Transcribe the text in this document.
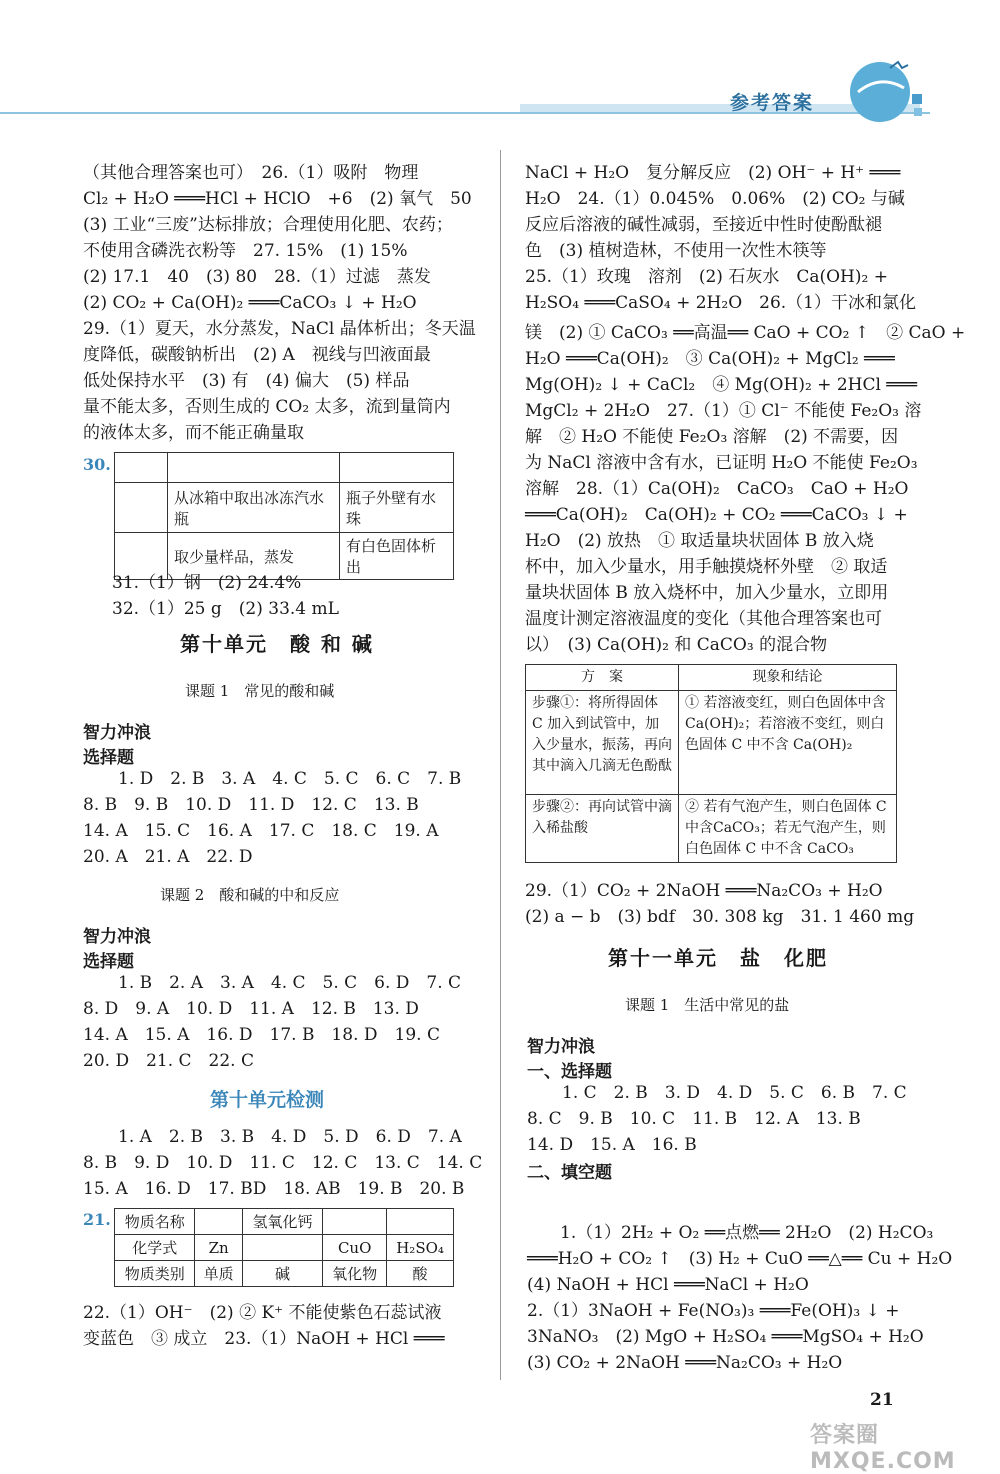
参考答案
（其他合理答案也可）　26.（1）吸附　物理
Cl₂ + H₂O ═══HCl + HClO　+6　(2) 氧气　50
(3) 工业“三废”达标排放；合理使用化肥、农药；
不使用含磷洗衣粉等　27. 15%　(1) 15%
(2) 17.1　40　(3) 80　28.（1）过滤　蒸发
(2) CO₂ + Ca(OH)₂ ═══CaCO₃ ↓ + H₂O
29.（1）夏天，水分蒸发，NaCl 晶体析出；冬天温
度降低，碳酸钠析出　(2) A　视线与凹液面最
低处保持水平　(3) 有　(4) 偏大　(5) 样品
量不能太多，否则生成的 CO₂ 太多，流到量筒内
的液体太多，而不能正确量取
30.

	从冰箱中取出冰冻汽水瓶	瓶子外壁有水珠
	取少量样品，蒸发	有白色固体析出
31.（1）钢　(2) 24.4%
32.（1）25 g　(2) 33.4 mL
第十单元　酸 和 碱
课题 1　常见的酸和碱
智力冲浪
选择题
1. D　2. B　3. A　4. C　5. C　6. C　7. B
8. B　9. B　10. D　11. D　12. C　13. B
14. A　15. C　16. A　17. C　18. C　19. A
20. A　21. A　22. D
课题 2　酸和碱的中和反应
智力冲浪
选择题
1. B　2. A　3. A　4. C　5. C　6. D　7. C
8. D　9. A　10. D　11. A　12. B　13. D
14. A　15. A　16. D　17. B　18. D　19. C
20. D　21. C　22. C
第十单元检测
1. A　2. B　3. B　4. D　5. D　6. D　7. A
8. B　9. D　10. D　11. C　12. C　13. C　14. C
15. A　16. D　17. BD　18. AB　19. B　20. B
21. 物质名称		氢氧化钙		
化学式	Zn		CuO	H₂SO₄
物质类别	单质	碱	氧化物	酸
22.（1）OH⁻　(2) ② K⁺ 不能使紫色石蕊试液
变蓝色　③ 成立　23.（1）NaOH + HCl ═══
NaCl + H₂O　复分解反应　(2) OH⁻ + H⁺ ═══
H₂O　24.（1）0.045%　0.06%　(2) CO₂ 与碱
反应后溶液的碱性减弱，至接近中性时使酚酞褪
色　(3) 植树造林，不使用一次性木筷等
25.（1）玫瑰　溶剂　(2) 石灰水　Ca(OH)₂ +
H₂SO₄ ═══CaSO₄ + 2H₂O　26.（1）干冰和氯化
镁　(2) ① CaCO₃ ══高温══ CaO + CO₂ ↑　② CaO +
H₂O ═══Ca(OH)₂　③ Ca(OH)₂ + MgCl₂ ═══
Mg(OH)₂ ↓ + CaCl₂　④ Mg(OH)₂ + 2HCl ═══
MgCl₂ + 2H₂O　27.（1）① Cl⁻ 不能使 Fe₂O₃ 溶
解　② H₂O 不能使 Fe₂O₃ 溶解　(2) 不需要，因
为 NaCl 溶液中含有水，已证明 H₂O 不能使 Fe₂O₃
溶解　28.（1）Ca(OH)₂　CaCO₃　CaO + H₂O
═══Ca(OH)₂　Ca(OH)₂ + CO₂ ═══CaCO₃ ↓ +
H₂O　(2) 放热　① 取适量块状固体 B 放入烧
杯中，加入少量水，用手触摸烧杯外壁　② 取适
量块状固体 B 放入烧杯中，加入少量水，立即用
温度计测定溶液温度的变化（其他合理答案也可
以）　(3) Ca(OH)₂ 和 CaCO₃ 的混合物
方　案	现象和结论
步骤①：将所得固体 C 加入到试管中，加入少量水，振荡，再向其中滴入几滴无色酚酞	① 若溶液变红，则白色固体中含 Ca(OH)₂；若溶液不变红，则白色固体 C 中不含 Ca(OH)₂
步骤②：再向试管中滴入稀盐酸	② 若有气泡产生，则白色固体 C 中含CaCO₃；若无气泡产生，则白色固体 C 中不含 CaCO₃
29.（1）CO₂ + 2NaOH ═══Na₂CO₃ + H₂O
(2) a − b　(3) bdf　30. 308 kg　31. 1 460 mg
第十一单元　盐　化肥
课题 1　生活中常见的盐
智力冲浪
一、选择题
1. C　2. B　3. D　4. D　5. C　6. B　7. C
8. C　9. B　10. C　11. B　12. A　13. B
14. D　15. A　16. B
二、填空题
1.（1）2H₂ + O₂ ══点燃══ 2H₂O　(2) H₂CO₃
═══H₂O + CO₂ ↑　(3) H₂ + CuO ══△══ Cu + H₂O
(4) NaOH + HCl ═══NaCl + H₂O
2.（1）3NaOH + Fe(NO₃)₃ ═══Fe(OH)₃ ↓ +
3NaNO₃　(2) MgO + H₂SO₄ ═══MgSO₄ + H₂O
(3) CO₂ + 2NaOH ═══Na₂CO₃ + H₂O
21
答案圈 MXQE.COM
